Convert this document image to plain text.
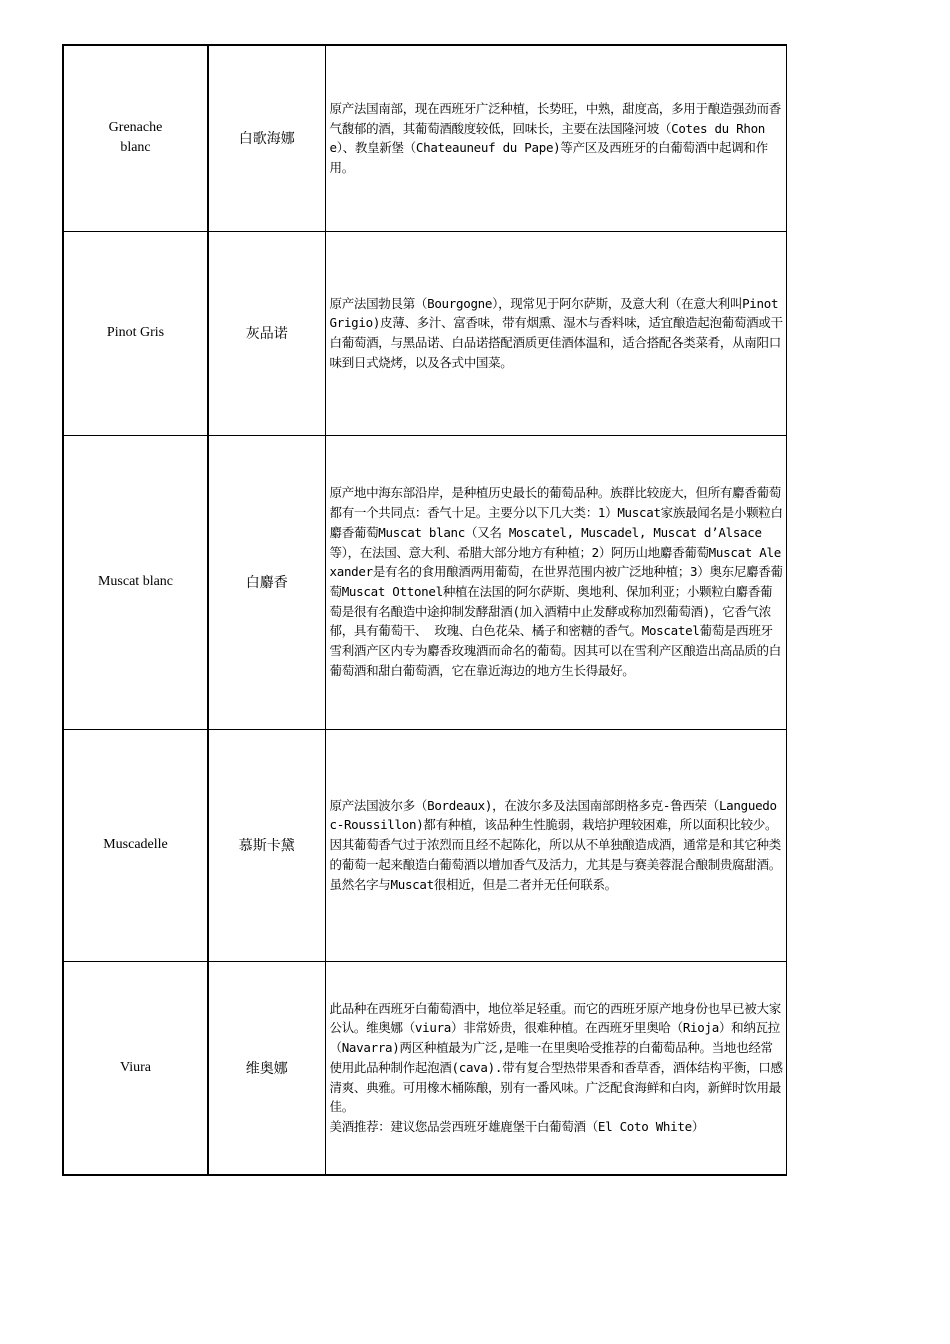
Grenache blanc	白歌海娜	原产法国南部，现在西班牙广泛种植，长势旺，中熟，甜度高，多用于酿造强劲而香气馥郁的酒，其葡萄酒酸度较低，回味长，主要在法国隆河坡（Cotes du Rhone）、教皇新堡（Chateauneuf du Pape)等产区及西班牙的白葡萄酒中起调和作用。

Pinot Gris	灰品诺	原产法国勃艮第（Bourgogne），现常见于阿尔萨斯，及意大利（在意大利叫Pinot Grigio)皮薄、多汁、富香味，带有烟熏、湿木与香料味，适宜酿造起泡葡萄酒或干白葡萄酒，与黑品诺、白品诺搭配酒质更佳酒体温和，适合搭配各类菜肴，从南阳口味到日式烧烤，以及各式中国菜。

Muscat blanc	白麝香	原产地中海东部沿岸，是种植历史最长的葡萄品种。族群比较庞大，但所有麝香葡萄都有一个共同点：香气十足。主要分以下几大类：1）Muscat家族最闻名是小颗粒白麝香葡萄Muscat blanc（又名 Moscatel, Muscadel, Muscat d’Alsace等），在法国、意大利、希腊大部分地方有种植；2）阿历山地麝香葡萄Muscat Alexander是有名的食用酿酒两用葡萄，在世界范围内被广泛地种植；3）奥东尼麝香葡萄Muscat Ottonel种植在法国的阿尔萨斯、奥地利、保加利亚；小颗粒白麝香葡萄是很有名酿造中途抑制发酵甜酒(加入酒精中止发酵或称加烈葡萄酒)，它香气浓郁，具有葡萄干、 玫瑰、白色花朵、橘子和密糖的香气。Moscatel葡萄是西班牙雪利酒产区内专为麝香玫瑰酒而命名的葡萄。因其可以在雪利产区酿造出高品质的白葡萄酒和甜白葡萄酒，它在靠近海边的地方生长得最好。

Muscadelle	慕斯卡黛	原产法国波尔多（Bordeaux)，在波尔多及法国南部朗格多克-鲁西荣（Languedoc-Roussillon)都有种植，该品种生性脆弱，栽培护理较困难，所以面积比较少。因其葡萄香气过于浓烈而且经不起陈化，所以从不单独酿造成酒，通常是和其它种类的葡萄一起来酿造白葡萄酒以增加香气及活力，尤其是与赛美蓉混合酿制贵腐甜酒。虽然名字与Muscat很相近，但是二者并无任何联系。

Viura	维奥娜	此品种在西班牙白葡萄酒中，地位举足轻重。而它的西班牙原产地身份也早已被大家公认。维奥娜（viura）非常娇贵，很难种植。在西班牙里奥哈（Rioja）和纳瓦拉（Navarra)两区种植最为广泛,是唯一在里奥哈受推荐的白葡萄品种。当地也经常使用此品种制作起泡酒(cava).带有复合型热带果香和香草香，酒体结构平衡，口感清爽、典雅。可用橡木桶陈酿，别有一番风味。广泛配食海鲜和白肉，新鲜时饮用最佳。
美酒推荐：建议您品尝西班牙雄鹿堡干白葡萄酒（El Coto White）
